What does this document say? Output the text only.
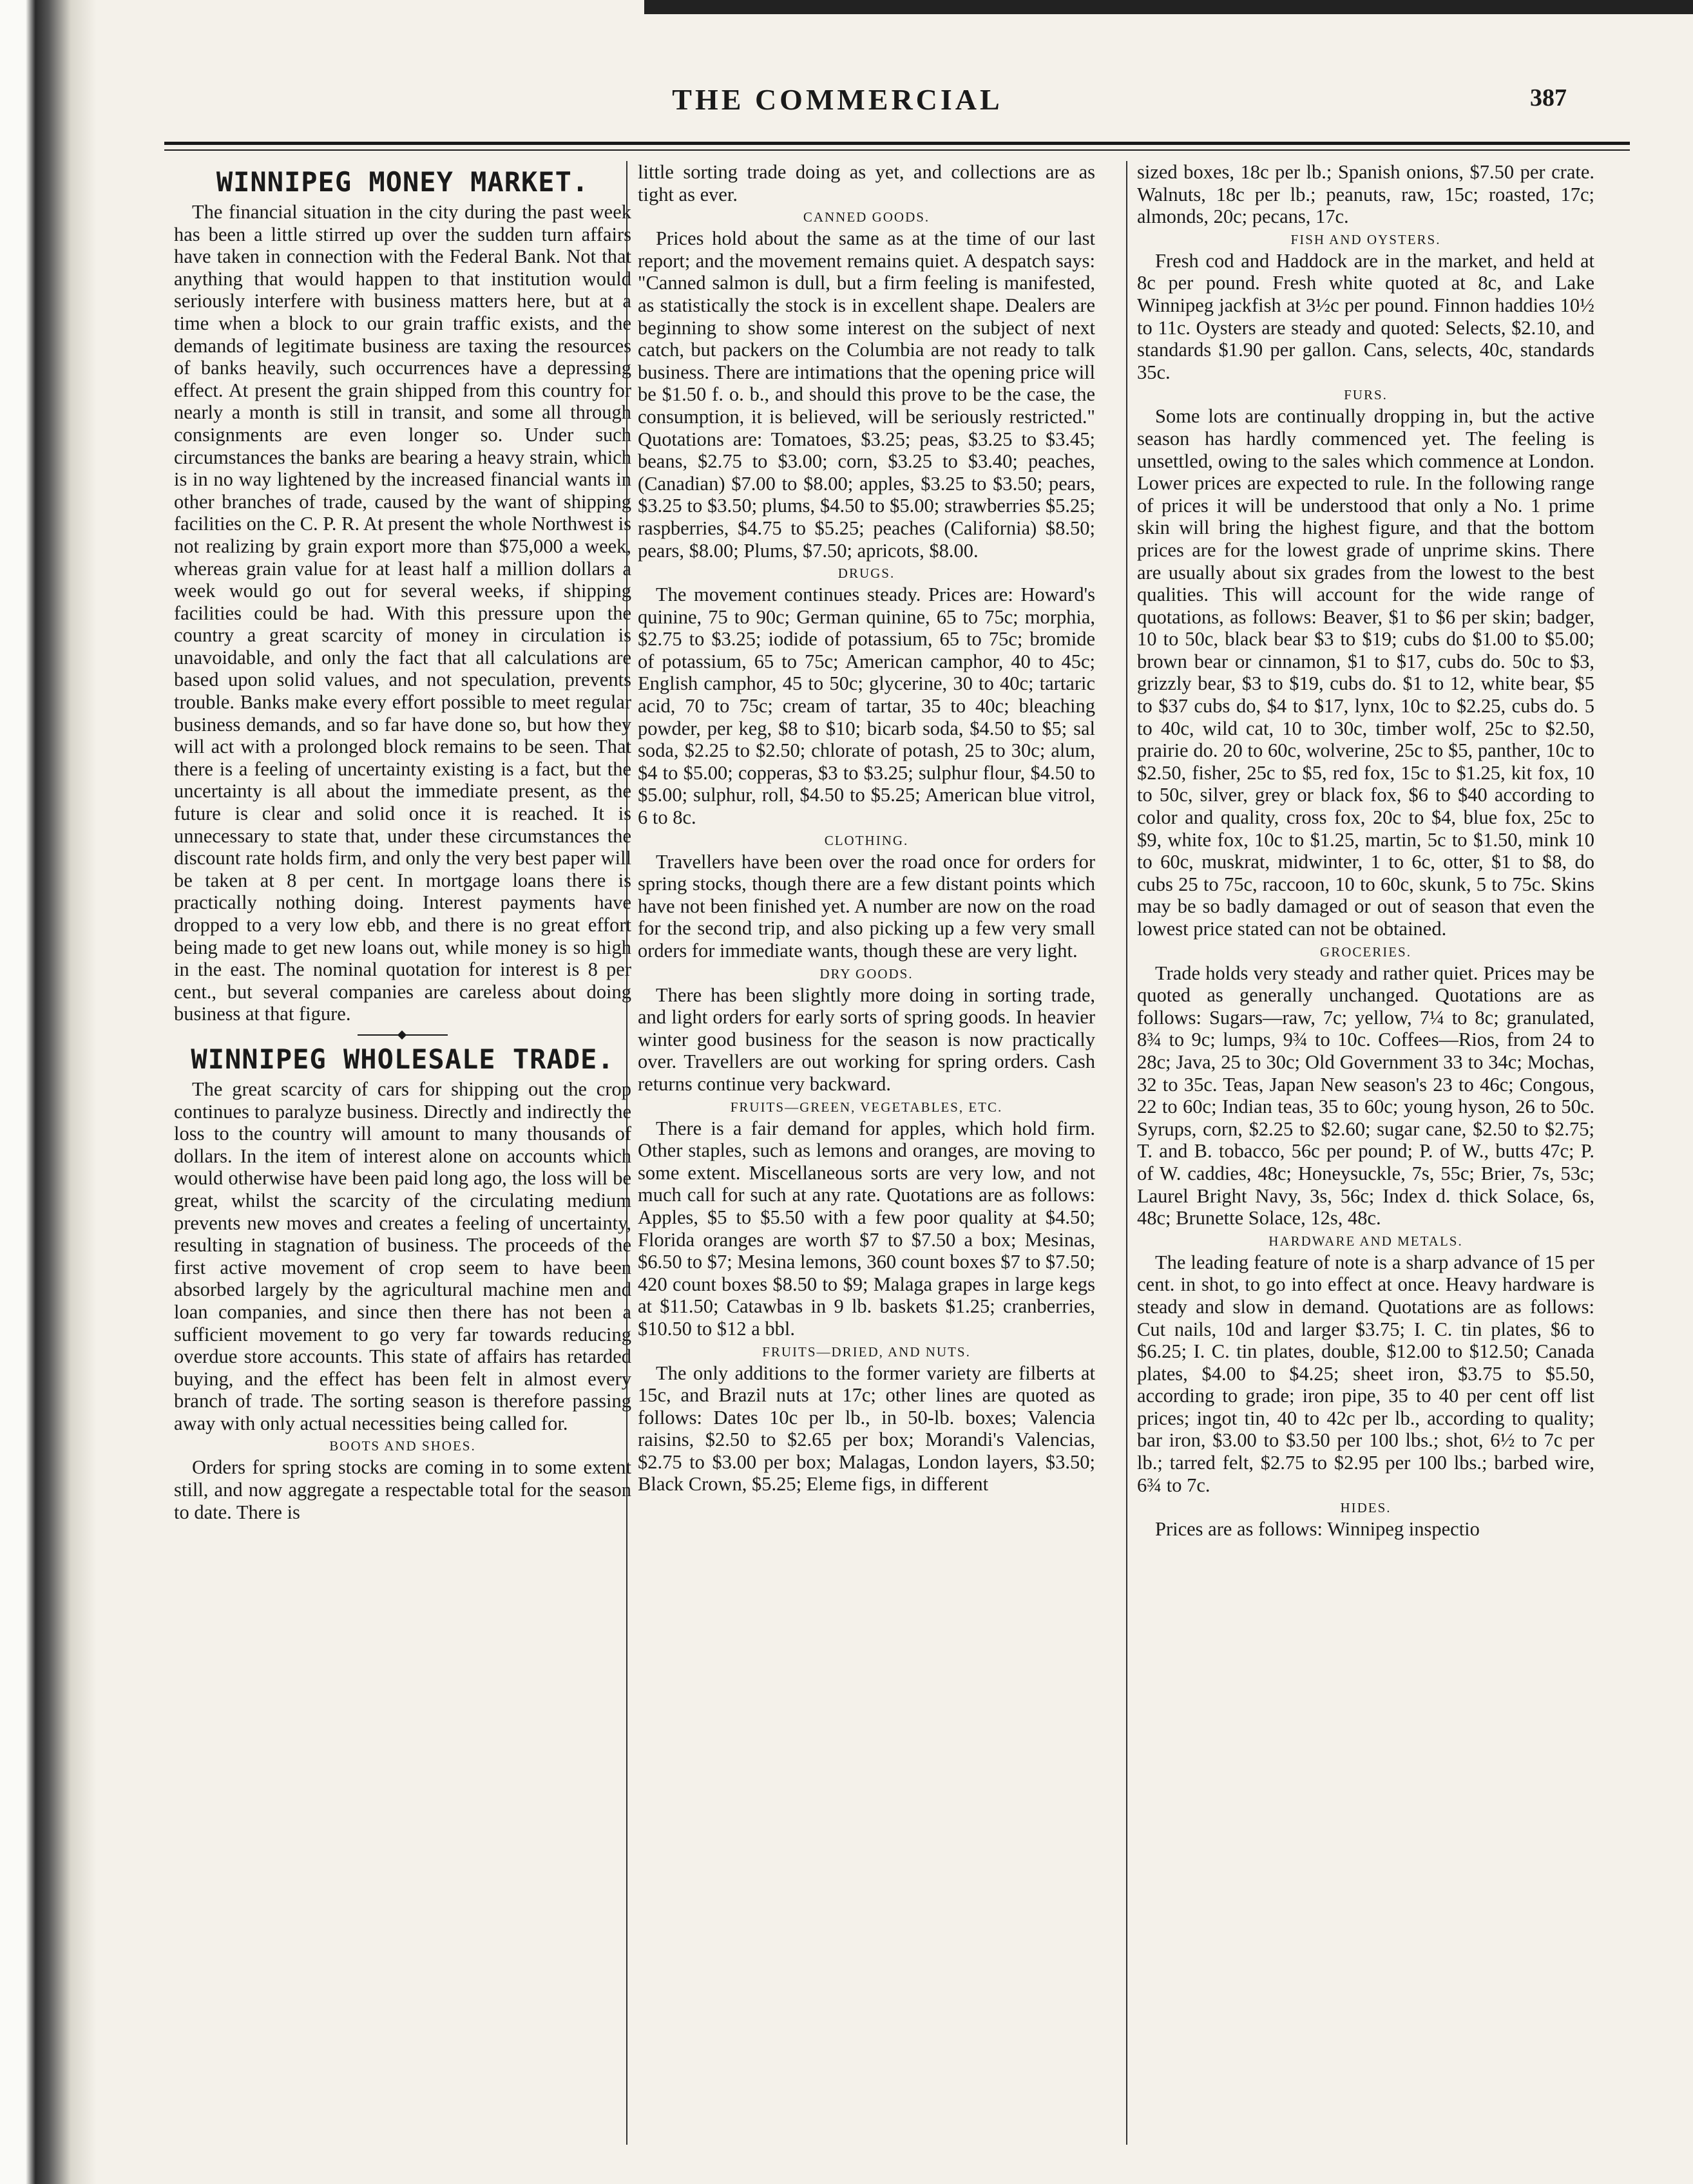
THE COMMERCIAL	387
WINNIPEG MONEY MARKET.

The financial situation in the city during the past week has been a little stirred up over the sudden turn affairs have taken in connection with the Federal Bank. Not that anything that would happen to that institution would seriously interfere with business matters here, but at a time when a block to our grain traffic exists, and the demands of legitimate business are taxing the resources of banks heavily, such occurrences have a depressing effect. At present the grain shipped from this country for nearly a month is still in transit, and some all through consignments are even longer so. Under such circumstances the banks are bearing a heavy strain, which is in no way lightened by the increased financial wants in other branches of trade, caused by the want of shipping facilities on the C. P. R. At present the whole Northwest is not realizing by grain export more than $75,000 a week, whereas grain value for at least half a million dollars a week would go out for several weeks, if shipping facilities could be had. With this pressure upon the country a great scarcity of money in circulation is unavoidable, and only the fact that all calculations are based upon solid values, and not speculation, prevents trouble. Banks make every effort possible to meet regular business demands, and so far have done so, but how they will act with a prolonged block remains to be seen. That there is a feeling of uncertainty existing is a fact, but the uncertainty is all about the immediate present, as the future is clear and solid once it is reached. It is unnecessary to state that, under these circumstances the discount rate holds firm, and only the very best paper will be taken at 8 per cent. In mortgage loans there is practically nothing doing. Interest payments have dropped to a very low ebb, and there is no great effort being made to get new loans out, while money is so high in the east. The nominal quotation for interest is 8 per cent., but several companies are careless about doing business at that figure.

WINNIPEG WHOLESALE TRADE.

The great scarcity of cars for shipping out the crop continues to paralyze business. Directly and indirectly the loss to the country will amount to many thousands of dollars. In the item of interest alone on accounts which would otherwise have been paid long ago, the loss will be great, whilst the scarcity of the circulating medium prevents new moves and creates a feeling of uncertainty, resulting in stagnation of business. The proceeds of the first active movement of crop seem to have been absorbed largely by the agricultural machine men and loan companies, and since then there has not been a sufficient movement to go very far towards reducing overdue store accounts. This state of affairs has retarded buying, and the effect has been felt in almost every branch of trade. The sorting season is therefore passing away with only actual necessities being called for.

BOOTS AND SHOES.

Orders for spring stocks are coming in to some extent still, and now aggregate a respectable total for the season to date. There is

little sorting trade doing as yet, and collections are as tight as ever.

CANNED GOODS.

Prices hold about the same as at the time of our last report; and the movement remains quiet. A despatch says: "Canned salmon is dull, but a firm feeling is manifested, as statistically the stock is in excellent shape. Dealers are beginning to show some interest on the subject of next catch, but packers on the Columbia are not ready to talk business. There are intimations that the opening price will be $1.50 f. o. b., and should this prove to be the case, the consumption, it is believed, will be seriously restricted." Quotations are: Tomatoes, $3.25; peas, $3.25 to $3.45; beans, $2.75 to $3.00; corn, $3.25 to $3.40; peaches, (Canadian) $7.00 to $8.00; apples, $3.25 to $3.50; pears, $3.25 to $3.50; plums, $4.50 to $5.00; strawberries $5.25; raspberries, $4.75 to $5.25; peaches (California) $8.50; pears, $8.00; Plums, $7.50; apricots, $8.00.

DRUGS.

The movement continues steady. Prices are: Howard's quinine, 75 to 90c; German quinine, 65 to 75c; morphia, $2.75 to $3.25; iodide of potassium, 65 to 75c; bromide of potassium, 65 to 75c; American camphor, 40 to 45c; English camphor, 45 to 50c; glycerine, 30 to 40c; tartaric acid, 70 to 75c; cream of tartar, 35 to 40c; bleaching powder, per keg, $8 to $10; bicarb soda, $4.50 to $5; sal soda, $2.25 to $2.50; chlorate of potash, 25 to 30c; alum, $4 to $5.00; copperas, $3 to $3.25; sulphur flour, $4.50 to $5.00; sulphur, roll, $4.50 to $5.25; American blue vitrol, 6 to 8c.

CLOTHING.

Travellers have been over the road once for orders for spring stocks, though there are a few distant points which have not been finished yet. A number are now on the road for the second trip, and also picking up a few very small orders for immediate wants, though these are very light.

DRY GOODS.

There has been slightly more doing in sorting trade, and light orders for early sorts of spring goods. In heavier winter good business for the season is now practically over. Travellers are out working for spring orders. Cash returns continue very backward.

FRUITS—GREEN, VEGETABLES, ETC.

There is a fair demand for apples, which hold firm. Other staples, such as lemons and oranges, are moving to some extent. Miscellaneous sorts are very low, and not much call for such at any rate. Quotations are as follows: Apples, $5 to $5.50 with a few poor quality at $4.50; Florida oranges are worth $7 to $7.50 a box; Mesinas, $6.50 to $7; Mesina lemons, 360 count boxes $7 to $7.50; 420 count boxes $8.50 to $9; Malaga grapes in large kegs at $11.50; Catawbas in 9 lb. baskets $1.25; cranberries, $10.50 to $12 a bbl.

FRUITS—DRIED, AND NUTS.

The only additions to the former variety are filberts at 15c, and Brazil nuts at 17c; other lines are quoted as follows: Dates 10c per lb., in 50-lb. boxes; Valencia raisins, $2.50 to $2.65 per box; Morandi's Valencias, $2.75 to $3.00 per box; Malagas, London layers, $3.50; Black Crown, $5.25; Eleme figs, in different

sized boxes, 18c per lb.; Spanish onions, $7.50 per crate. Walnuts, 18c per lb.; peanuts, raw, 15c; roasted, 17c; almonds, 20c; pecans, 17c.

FISH AND OYSTERS.

Fresh cod and Haddock are in the market, and held at 8c per pound. Fresh white quoted at 8c, and Lake Winnipeg jackfish at 3½c per pound. Finnon haddies 10½ to 11c. Oysters are steady and quoted: Selects, $2.10, and standards $1.90 per gallon. Cans, selects, 40c, standards 35c.

FURS.

Some lots are continually dropping in, but the active season has hardly commenced yet. The feeling is unsettled, owing to the sales which commence at London. Lower prices are expected to rule. In the following range of prices it will be understood that only a No. 1 prime skin will bring the highest figure, and that the bottom prices are for the lowest grade of unprime skins. There are usually about six grades from the lowest to the best qualities. This will account for the wide range of quotations, as follows: Beaver, $1 to $6 per skin; badger, 10 to 50c, black bear $3 to $19; cubs do $1.00 to $5.00; brown bear or cinnamon, $1 to $17, cubs do. 50c to $3, grizzly bear, $3 to $19, cubs do. $1 to 12, white bear, $5 to $37 cubs do, $4 to $17, lynx, 10c to $2.25, cubs do. 5 to 40c, wild cat, 10 to 30c, timber wolf, 25c to $2.50, prairie do. 20 to 60c, wolverine, 25c to $5, panther, 10c to $2.50, fisher, 25c to $5, red fox, 15c to $1.25, kit fox, 10 to 50c, silver, grey or black fox, $6 to $40 according to color and quality, cross fox, 20c to $4, blue fox, 25c to $9, white fox, 10c to $1.25, martin, 5c to $1.50, mink 10 to 60c, muskrat, midwinter, 1 to 6c, otter, $1 to $8, do cubs 25 to 75c, raccoon, 10 to 60c, skunk, 5 to 75c. Skins may be so badly damaged or out of season that even the lowest price stated can not be obtained.

GROCERIES.

Trade holds very steady and rather quiet. Prices may be quoted as generally unchanged. Quotations are as follows: Sugars—raw, 7c; yellow, 7¼ to 8c; granulated, 8¾ to 9c; lumps, 9¾ to 10c. Coffees—Rios, from 24 to 28c; Java, 25 to 30c; Old Government 33 to 34c; Mochas, 32 to 35c. Teas, Japan New season's 23 to 46c; Congous, 22 to 60c; Indian teas, 35 to 60c; young hyson, 26 to 50c. Syrups, corn, $2.25 to $2.60; sugar cane, $2.50 to $2.75; T. and B. tobacco, 56c per pound; P. of W., butts 47c; P. of W. caddies, 48c; Honeysuckle, 7s, 55c; Brier, 7s, 53c; Laurel Bright Navy, 3s, 56c; Index d. thick Solace, 6s, 48c; Brunette Solace, 12s, 48c.

HARDWARE AND METALS.

The leading feature of note is a sharp advance of 15 per cent. in shot, to go into effect at once. Heavy hardware is steady and slow in demand. Quotations are as follows: Cut nails, 10d and larger $3.75; I. C. tin plates, $6 to $6.25; I. C. tin plates, double, $12.00 to $12.50; Canada plates, $4.00 to $4.25; sheet iron, $3.75 to $5.50, according to grade; iron pipe, 35 to 40 per cent off list prices; ingot tin, 40 to 42c per lb., according to quality; bar iron, $3.00 to $3.50 per 100 lbs.; shot, 6½ to 7c per lb.; tarred felt, $2.75 to $2.95 per 100 lbs.; barbed wire, 6¾ to 7c.

HIDES.

Prices are as follows: Winnipeg inspectio
